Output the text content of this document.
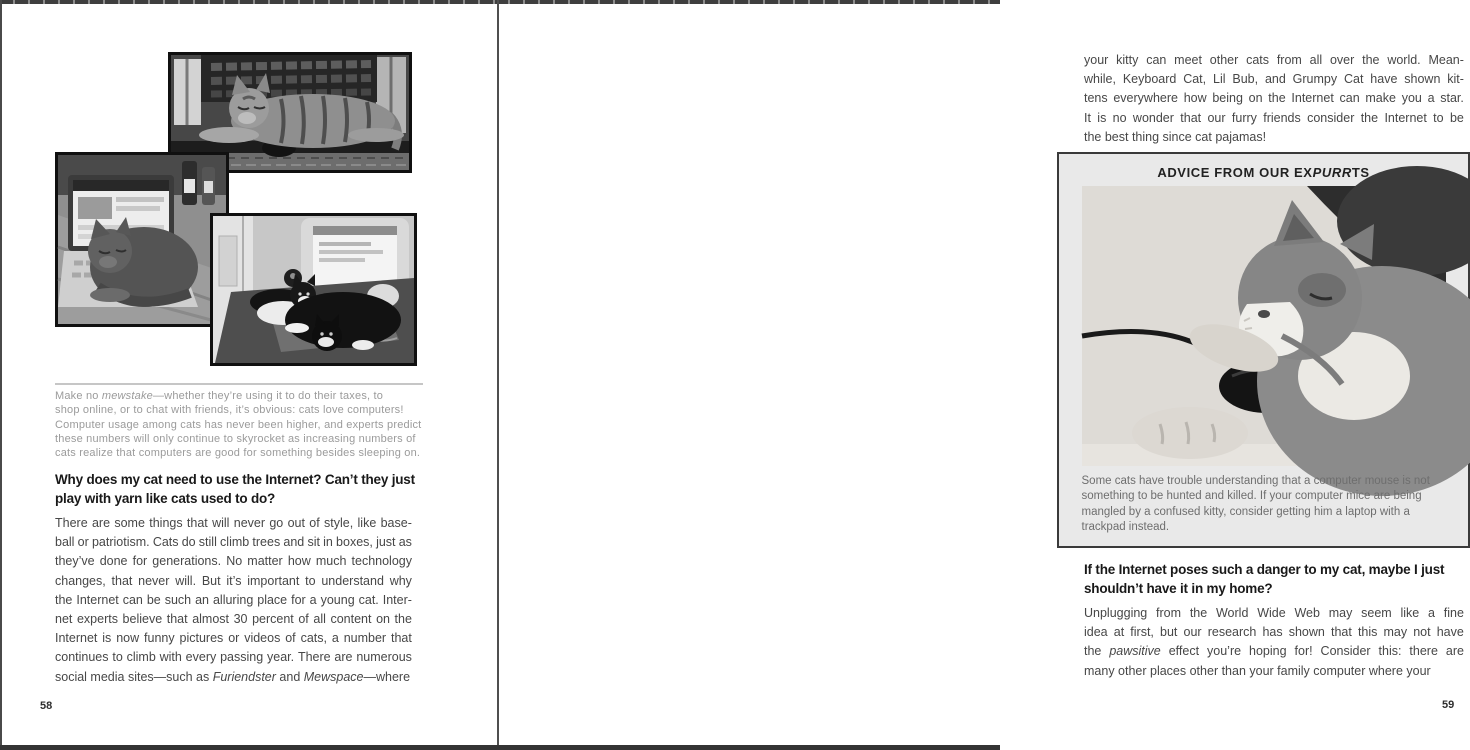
Make no mewstake—whether they’re using it to do their taxes, to
shop online, or to chat with friends, it’s obvious: cats love computers!
Computer usage among cats has never been higher, and experts predict
these numbers will only continue to skyrocket as increasing numbers of
cats realize that computers are good for something besides sleeping on.
Why does my cat need to use the Internet? Can’t they just
play with yarn like cats used to do?
There are some things that will never go out of style, like base-
ball or patriotism. Cats do still climb trees and sit in boxes, just as
they’ve done for generations. No matter how much technology
changes, that never will. But it’s important to understand why
the Internet can be such an alluring place for a young cat. Inter-
net experts believe that almost 30 percent of all content on the
Internet is now funny pictures or videos of cats, a number that
continues to climb with every passing year. There are numerous
social media sites—such as Furiendster and Mewspace—where
58
your kitty can meet other cats from all over the world. Mean-
while, Keyboard Cat, Lil Bub, and Grumpy Cat have shown kit-
tens everywhere how being on the Internet can make you a star.
It is no wonder that our furry friends consider the Internet to be
the best thing since cat pajamas!
ADVICE FROM OUR EXPURRTS
Some cats have trouble understanding that a computer mouse is not
something to be hunted and killed. If your computer mice are being
mangled by a confused kitty, consider getting him a laptop with a
trackpad instead.
If the Internet poses such a danger to my cat, maybe I just
shouldn’t have it in my home?
Unplugging from the World Wide Web may seem like a fine
idea at first, but our research has shown that this may not have
the pawsitive effect you’re hoping for! Consider this: there are
many other places other than your family computer where your
59
